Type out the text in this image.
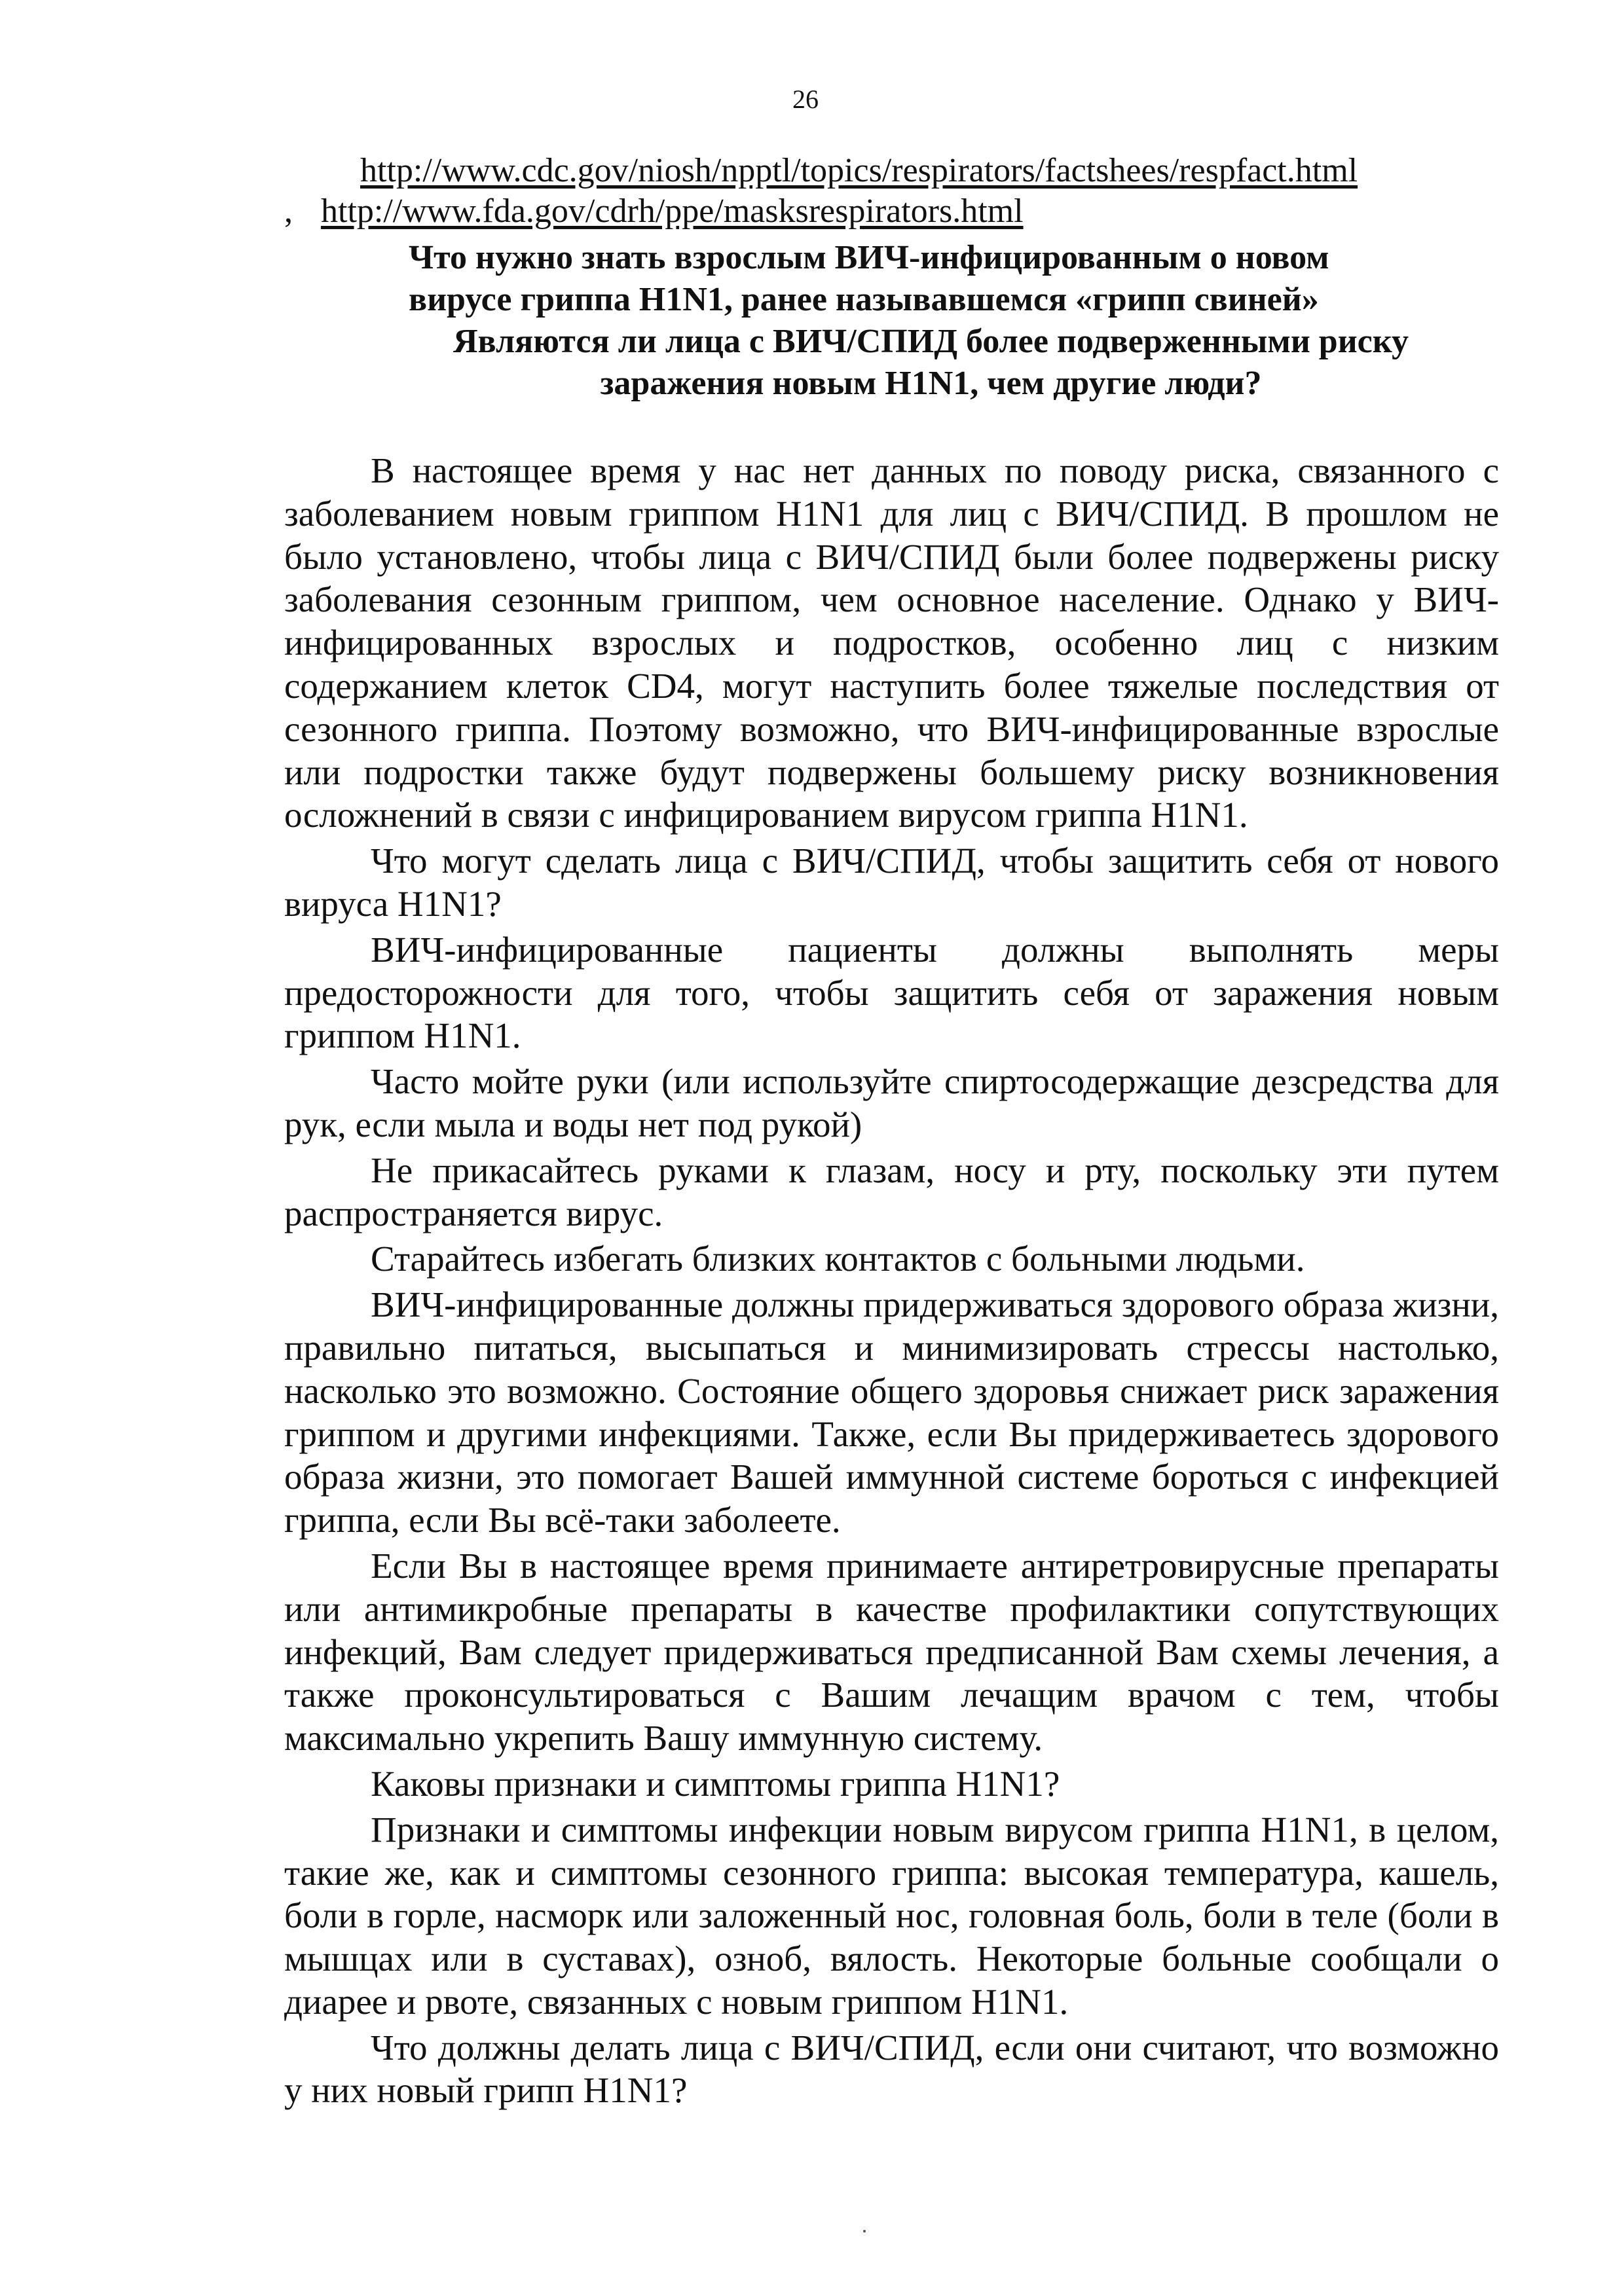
26
http://www.cdc.gov/niosh/npptl/topics/respirators/factshees/respfact.html
, http://www.fda.gov/cdrh/ppe/masksrespirators.html
Что нужно знать взрослым ВИЧ-инфицированным о новом
вирусе гриппа H1N1, ранее называвшемся «грипп свиней»
Являются ли лица с ВИЧ/СПИД более подверженными риску
заражения новым H1N1, чем другие люди?

В настоящее время у нас нет данных по поводу риска, связанного с заболеванием новым гриппом H1N1 для лиц с ВИЧ/СПИД. В прошлом не было установлено, чтобы лица с ВИЧ/СПИД были более подвержены риску заболевания сезонным гриппом, чем основное население. Однако у ВИЧ-инфицированных взрослых и подростков, особенно лиц с низким содержанием клеток CD4, могут наступить более тяжелые последствия от сезонного гриппа. Поэтому возможно, что ВИЧ-инфицированные взрослые или подростки также будут подвержены большему риску возникновения осложнений в связи с инфицированием вирусом гриппа H1N1.

Что могут сделать лица с ВИЧ/СПИД, чтобы защитить себя от нового вируса H1N1?

ВИЧ-инфицированные пациенты должны выполнять меры предосторожности для того, чтобы защитить себя от заражения новым гриппом H1N1.

Часто мойте руки (или используйте спиртосодержащие дезсредства для рук, если мыла и воды нет под рукой)

Не прикасайтесь руками к глазам, носу и рту, поскольку эти путем распространяется вирус.

Старайтесь избегать близких контактов с больными людьми.

ВИЧ-инфицированные должны придерживаться здорового образа жизни, правильно питаться, высыпаться и минимизировать стрессы настолько, насколько это возможно. Состояние общего здоровья снижает риск заражения гриппом и другими инфекциями. Также, если Вы придерживаетесь здорового образа жизни, это помогает Вашей иммунной системе бороться с инфекцией гриппа, если Вы всё-таки заболеете.

Если Вы в настоящее время принимаете антиретровирусные препараты или антимикробные препараты в качестве профилактики сопутствующих инфекций, Вам следует придерживаться предписанной Вам схемы лечения, а также проконсультироваться с Вашим лечащим врачом с тем, чтобы максимально укрепить Вашу иммунную систему.

Каковы признаки и симптомы гриппа H1N1?

Признаки и симптомы инфекции новым вирусом гриппа H1N1, в целом, такие же, как и симптомы сезонного гриппа: высокая температура, кашель, боли в горле, насморк или заложенный нос, головная боль, боли в теле (боли в мышцах или в суставах), озноб, вялость. Некоторые больные сообщали о диарее и рвоте, связанных с новым гриппом H1N1.

Что должны делать лица с ВИЧ/СПИД, если они считают, что возможно у них новый грипп H1N1?
